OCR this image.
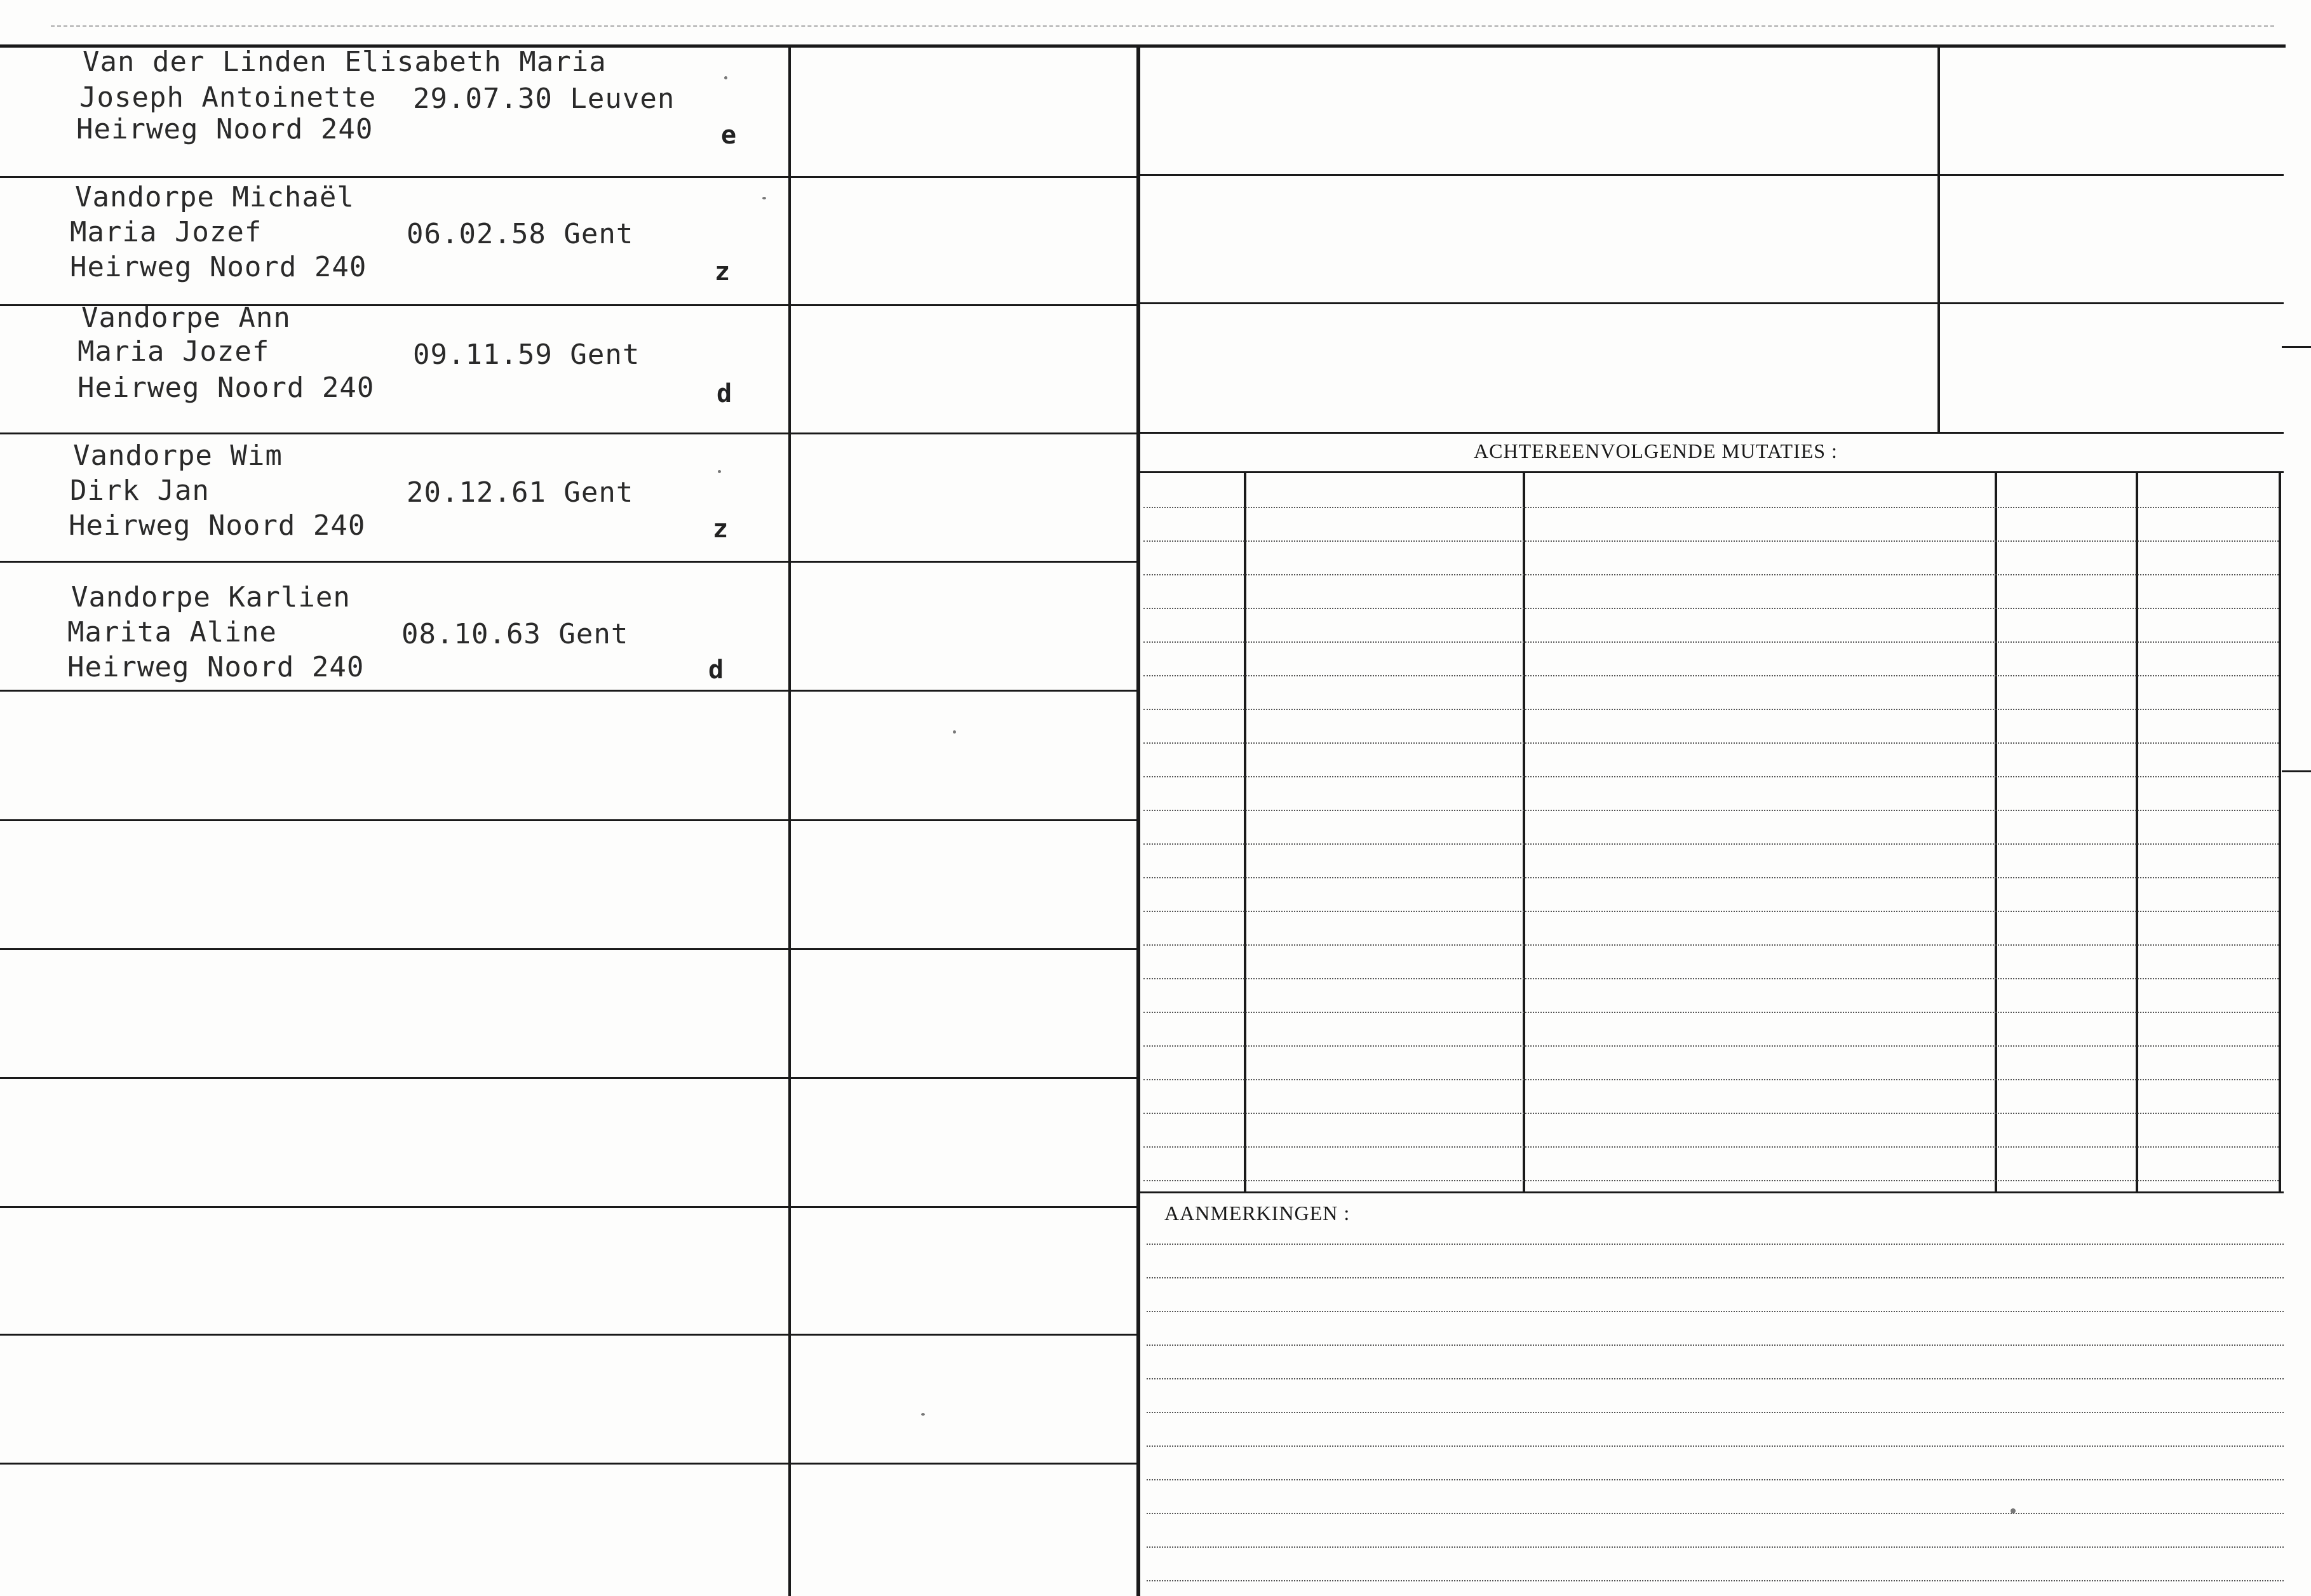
ACHTEREENVOLGENDE MUTATIES :
AANMERKINGEN :
Van der Linden Elisabeth Maria
Joseph Antoinette 29.07.30 Leuven
Heirweg Noord 240	e
Vandorpe Michaël
Maria Jozef	06.02.58 Gent
Heirweg Noord 240	z
Vandorpe Ann
Maria Jozef	09.11.59 Gent
Heirweg Noord 240	d
Vandorpe Wim
Dirk Jan	20.12.61 Gent
Heirweg Noord 240	z
Vandorpe Karlien
Marita Aline	08.10.63 Gent
Heirweg Noord 240	d
